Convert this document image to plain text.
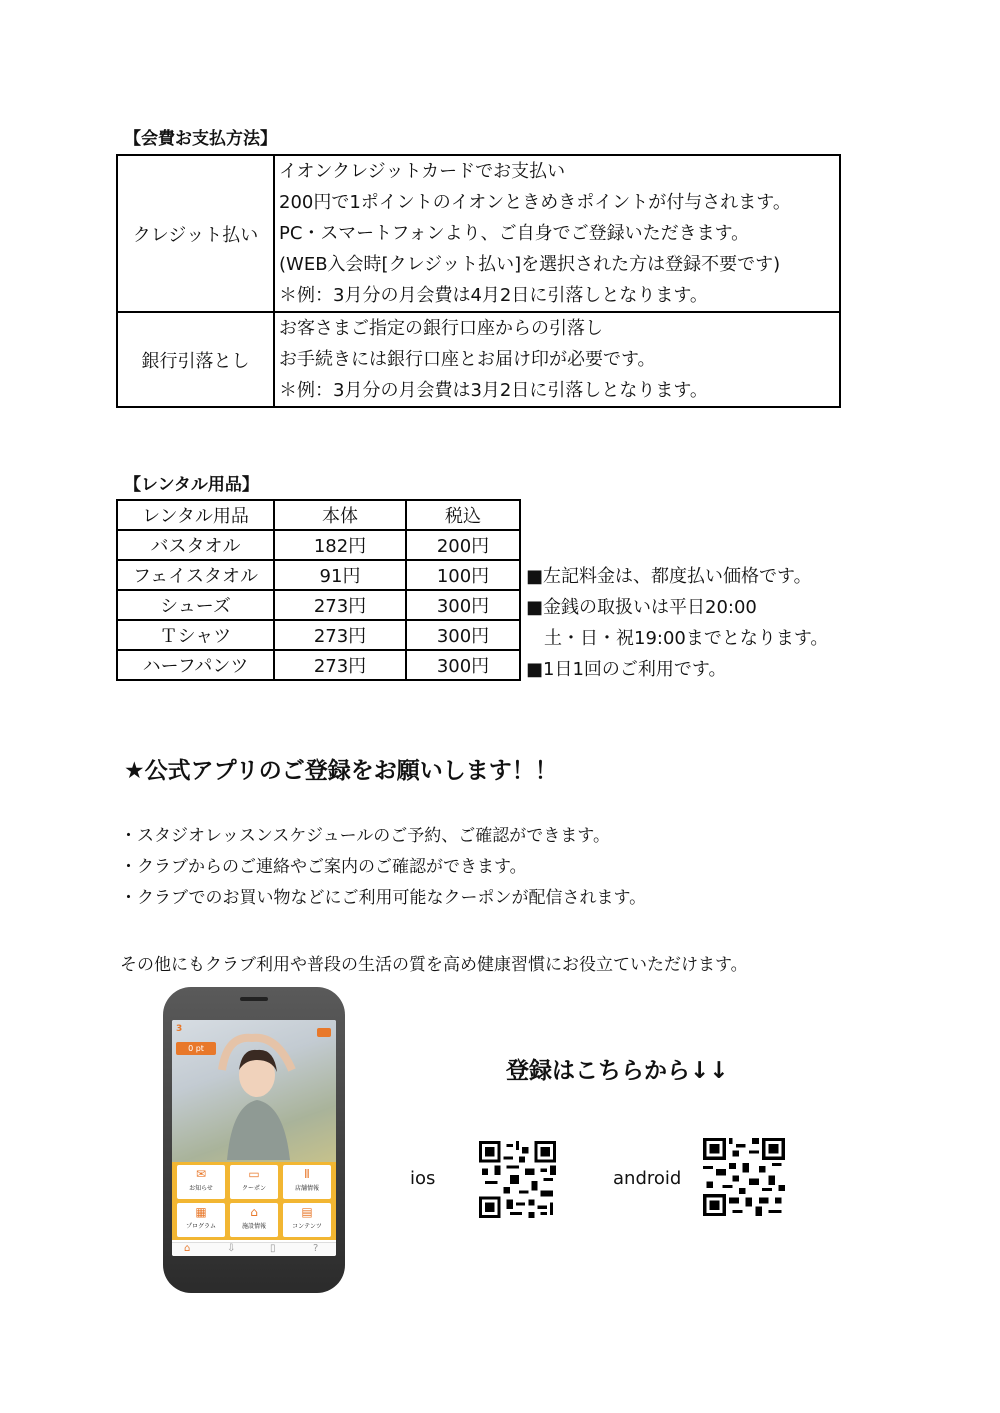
【会費お支払方法】
クレジット払い	イオンクレジットカードでお支払い
200円で1ポイントのイオンときめきポイントが付与されます。
PC・スマートフォンより、ご自身でご登録いただきます。
(WEB入会時[クレジット払い]を選択された方は登録不要です)
＊例：3月分の月会費は4月2日に引落しとなります。

銀行引落とし	お客さまご指定の銀行口座からの引落し
お手続きには銀行口座とお届け印が必要です。
＊例：3月分の月会費は3月2日に引落しとなります。
【レンタル用品】
レンタル用品	本体	税込
バスタオル	182円	200円
フェイスタオル	91円	100円
シューズ	273円	300円
Ｔシャツ	273円	300円
ハーフパンツ	273円	300円
■左記料金は、都度払い価格です。
■金銭の取扱いは平日20:00
　土・日・祝19:00までとなります。
■1日1回のご利用です。
★公式アプリのご登録をお願いします！！
・スタジオレッスンスケジュールのご予約、ご確認ができます。
・クラブからのご連絡やご案内のご確認ができます。
・クラブでのお買い物などにご利用可能なクーポンが配信されます。
その他にもクラブ利用や普段の生活の質を高め健康習慣にお役立ていただけます。
3
0 pt
✉
お知らせ
▭
クーポン
Ⅱ
店舗情報
▦
プログラム
⌂
施設情報
▤
コンテンツ
⌂	⇩	▯	?
登録はこちらから↓↓
ios	android
